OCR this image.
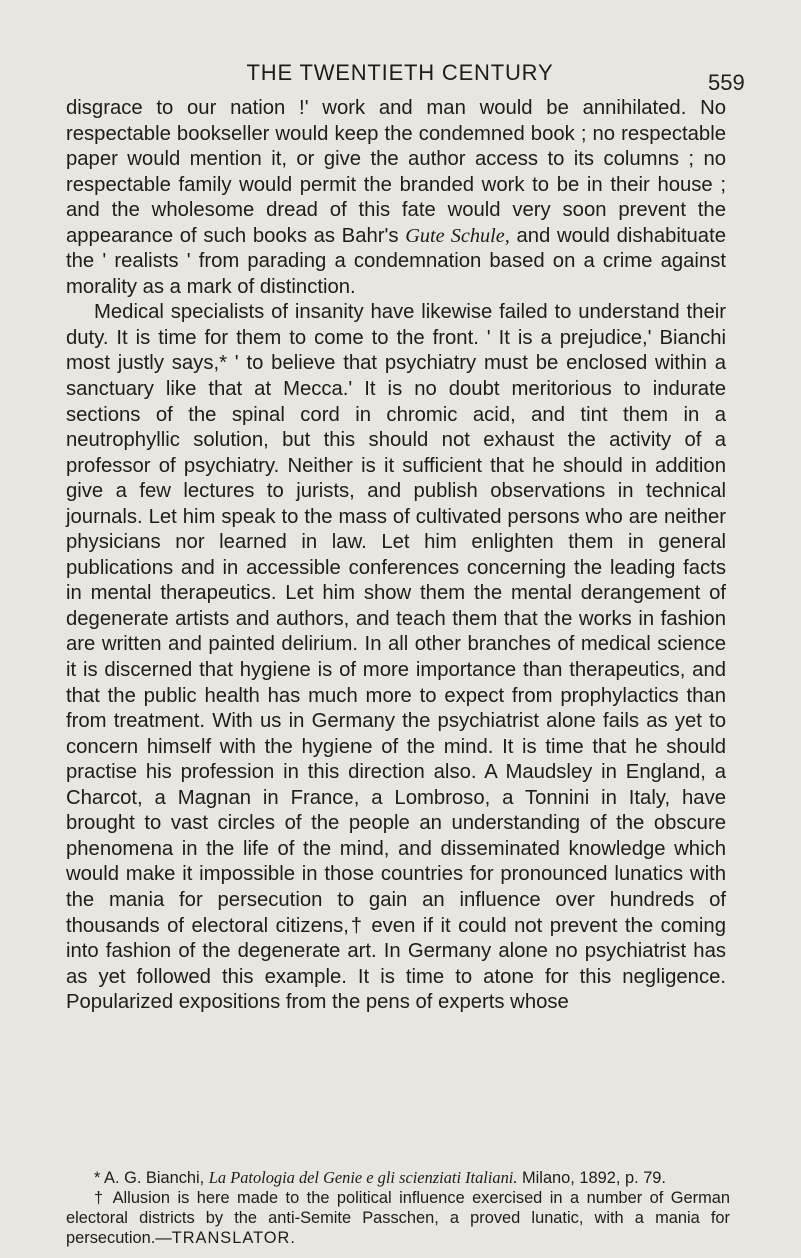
THE TWENTIETH CENTURY	559

disgrace to our nation !' work and man would be annihilated. No respectable bookseller would keep the condemned book ; no respectable paper would mention it, or give the author access to its columns ; no respectable family would permit the branded work to be in their house ; and the wholesome dread of this fate would very soon prevent the appearance of such books as Bahr's Gute Schule, and would dishabituate the ' realists ' from parading a condemnation based on a crime against morality as a mark of distinction.

Medical specialists of insanity have likewise failed to understand their duty. It is time for them to come to the front. ' It is a prejudice,' Bianchi most justly says,* ' to believe that psychiatry must be enclosed within a sanctuary like that at Mecca.' It is no doubt meritorious to indurate sections of the spinal cord in chromic acid, and tint them in a neutrophyllic solution, but this should not exhaust the activity of a professor of psychiatry. Neither is it sufficient that he should in addition give a few lectures to jurists, and publish observations in technical journals. Let him speak to the mass of cultivated persons who are neither physicians nor learned in law. Let him enlighten them in general publications and in accessible conferences concerning the leading facts in mental therapeutics. Let him show them the mental derangement of degenerate artists and authors, and teach them that the works in fashion are written and painted delirium. In all other branches of medical science it is discerned that hygiene is of more importance than therapeutics, and that the public health has much more to expect from prophylactics than from treatment. With us in Germany the psychiatrist alone fails as yet to concern himself with the hygiene of the mind. It is time that he should practise his profession in this direction also. A Maudsley in England, a Charcot, a Magnan in France, a Lombroso, a Tonnini in Italy, have brought to vast circles of the people an understanding of the obscure phenomena in the life of the mind, and disseminated knowledge which would make it impossible in those countries for pronounced lunatics with the mania for persecution to gain an influence over hundreds of thousands of electoral citizens,† even if it could not prevent the coming into fashion of the degenerate art. In Germany alone no psychiatrist has as yet followed this example. It is time to atone for this negligence. Popularized expositions from the pens of experts whose

* A. G. Bianchi, La Patologia del Genie e gli scienziati Italiani. Milano, 1892, p. 79.

† Allusion is here made to the political influence exercised in a number of German electoral districts by the anti-Semite Passchen, a proved lunatic, with a mania for persecution.—TRANSLATOR.
